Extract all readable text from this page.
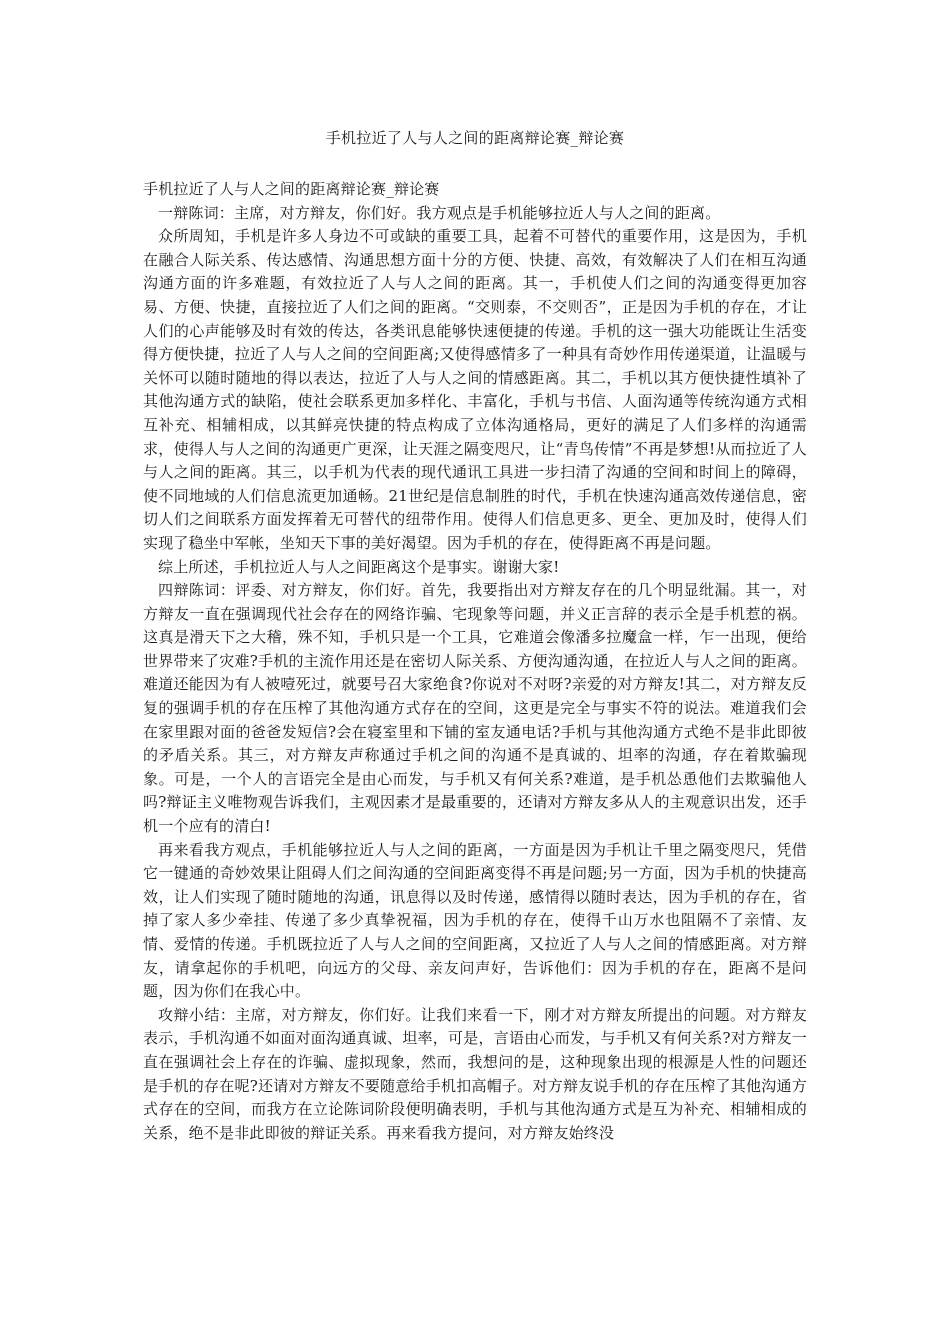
手机拉近了人与人之间的距离辩论赛_辩论赛

手机拉近了人与人之间的距离辩论赛_辩论赛

一辩陈词：主席，对方辩友，你们好。我方观点是手机能够拉近人与人之间的距离。

众所周知，手机是许多人身边不可或缺的重要工具，起着不可替代的重要作用，这是因为，手机在融合人际关系、传达感情、沟通思想方面十分的方便、快捷、高效，有效解决了人们在相互沟通沟通方面的许多难题，有效拉近了人与人之间的距离。其一，手机使人们之间的沟通变得更加容易、方便、快捷，直接拉近了人们之间的距离。“交则泰，不交则否”，正是因为手机的存在，才让人们的心声能够及时有效的传达，各类讯息能够快速便捷的传递。手机的这一强大功能既让生活变得方便快捷，拉近了人与人之间的空间距离;又使得感情多了一种具有奇妙作用传递渠道，让温暖与关怀可以随时随地的得以表达，拉近了人与人之间的情感距离。其二，手机以其方便快捷性填补了其他沟通方式的缺陷，使社会联系更加多样化、丰富化，手机与书信、人面沟通等传统沟通方式相互补充、相辅相成，以其鲜亮快捷的特点构成了立体沟通格局，更好的满足了人们多样的沟通需求，使得人与人之间的沟通更广更深，让天涯之隔变咫尺，让“青鸟传情”不再是梦想!从而拉近了人与人之间的距离。其三，以手机为代表的现代通讯工具进一步扫清了沟通的空间和时间上的障碍，使不同地域的人们信息流更加通畅。21世纪是信息制胜的时代，手机在快速沟通高效传递信息，密切人们之间联系方面发挥着无可替代的纽带作用。使得人们信息更多、更全、更加及时，使得人们实现了稳坐中军帐，坐知天下事的美好渴望。因为手机的存在，使得距离不再是问题。

综上所述，手机拉近人与人之间距离这个是事实。谢谢大家!

四辩陈词：评委、对方辩友，你们好。首先，我要指出对方辩友存在的几个明显纰漏。其一，对方辩友一直在强调现代社会存在的网络诈骗、宅现象等问题，并义正言辞的表示全是手机惹的祸。这真是滑天下之大稽，殊不知，手机只是一个工具，它难道会像潘多拉魔盒一样，乍一出现，便给世界带来了灾难?手机的主流作用还是在密切人际关系、方便沟通沟通，在拉近人与人之间的距离。难道还能因为有人被噎死过，就要号召大家绝食?你说对不对呀?亲爱的对方辩友!其二，对方辩友反复的强调手机的存在压榨了其他沟通方式存在的空间，这更是完全与事实不符的说法。难道我们会在家里跟对面的爸爸发短信?会在寝室里和下铺的室友通电话?手机与其他沟通方式绝不是非此即彼的矛盾关系。其三，对方辩友声称通过手机之间的沟通不是真诚的、坦率的沟通，存在着欺骗现象。可是，一个人的言语完全是由心而发，与手机又有何关系?难道，是手机怂恿他们去欺骗他人吗?辩证主义唯物观告诉我们，主观因素才是最重要的，还请对方辩友多从人的主观意识出发，还手机一个应有的清白!

再来看我方观点，手机能够拉近人与人之间的距离，一方面是因为手机让千里之隔变咫尺，凭借它一键通的奇妙效果让阻碍人们之间沟通的空间距离变得不再是问题;另一方面，因为手机的快捷高效，让人们实现了随时随地的沟通，讯息得以及时传递，感情得以随时表达，因为手机的存在，省掉了家人多少牵挂、传递了多少真挚祝福，因为手机的存在，使得千山万水也阻隔不了亲情、友情、爱情的传递。手机既拉近了人与人之间的空间距离，又拉近了人与人之间的情感距离。对方辩友，请拿起你的手机吧，向远方的父母、亲友问声好，告诉他们：因为手机的存在，距离不是问题，因为你们在我心中。

攻辩小结：主席，对方辩友，你们好。让我们来看一下，刚才对方辩友所提出的问题。对方辩友表示，手机沟通不如面对面沟通真诚、坦率，可是，言语由心而发，与手机又有何关系?对方辩友一直在强调社会上存在的诈骗、虚拟现象，然而，我想问的是，这种现象出现的根源是人性的问题还是手机的存在呢?还请对方辩友不要随意给手机扣高帽子。对方辩友说手机的存在压榨了其他沟通方式存在的空间，而我方在立论陈词阶段便明确表明，手机与其他沟通方式是互为补充、相辅相成的关系，绝不是非此即彼的辩证关系。再来看我方提问，对方辩友始终没
